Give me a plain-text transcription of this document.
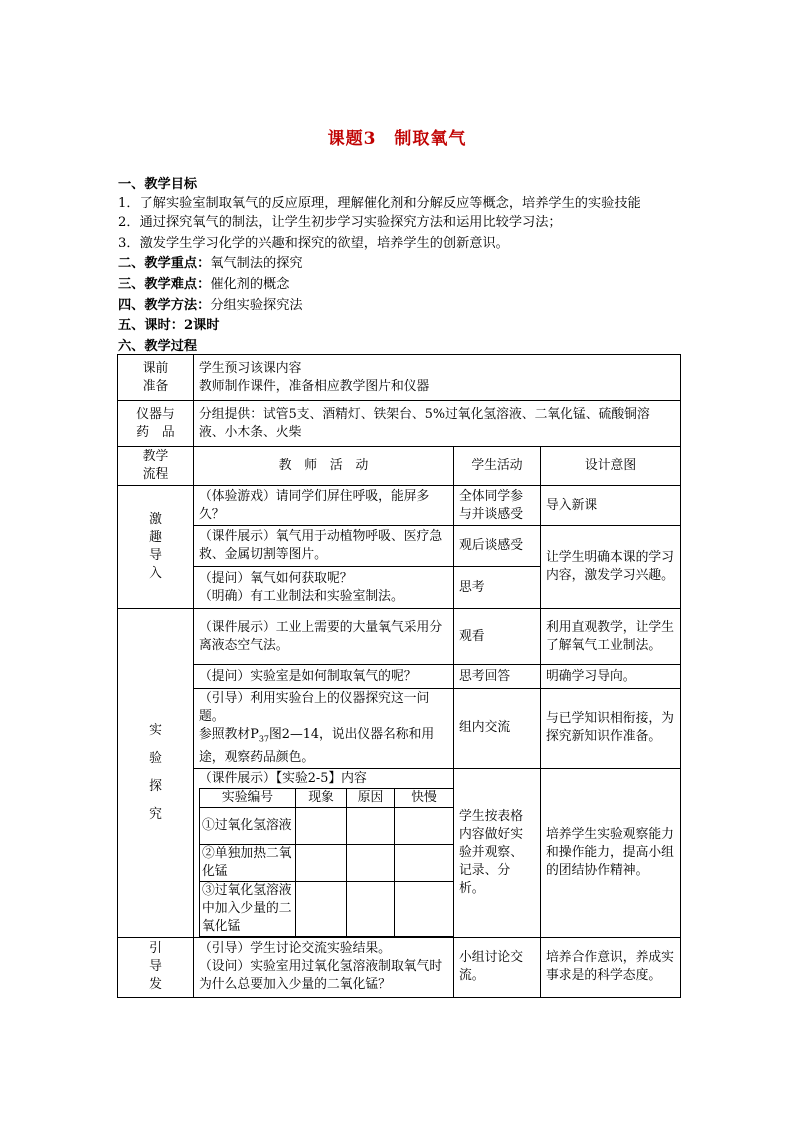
课题3　制取氧气
一、教学目标
1．了解实验室制取氧气的反应原理，理解催化剂和分解反应等概念，培养学生的实验技能
2．通过探究氧气的制法，让学生初步学习实验探究方法和运用比较学习法；
3．激发学生学习化学的兴趣和探究的欲望，培养学生的创新意识。
二、教学重点：氧气制法的探究
三、教学难点：催化剂的概念
四、教学方法：分组实验探究法
五、课时：2课时
六、教学过程
课前
准备

学生预习该课内容
教师制作课件，准备相应教学图片和仪器

仪器与
药　品
	分组提供：试管5支、酒精灯、铁架台、5%过氧化氢溶液、二氧化锰、硫酸铜溶液、小木条、火柴

教学
流程
	教　师　活　动	学生活动	设计意图

激
趣
导
入
	（体验游戏）请同学们屏住呼吸，能屏多久？	全体同学参与并谈感受	导入新课
（课件展示）氧气用于动植物呼吸、医疗急救、金属切割等图片。	观后谈感受	让学生明确本课的学习内容，激发学习兴趣。

（提问）氧气如何获取呢？
（明确）有工业制法和实验室制法。
	思考

实
验
探
究
	（课件展示）工业上需要的大量氧气采用分离液态空气法。	观看	利用直观教学，让学生了解氧气工业制法。
（提问）实验室是如何制取氧气的呢？	思考回答	明确学习导向。

（引导）利用实验台上的仪器探究这一问题。
参照教材$P_{37}$图2—14，说出仪器名称和用途，观察药品颜色。
	组内交流	与已学知识相衔接，为探究新知识作准备。

（课件展示）【实验2-5】内容
实验编号	现象	原因	快慢
①过氧化氢溶液			
②单独加热二氧化锰			
③过氧化氢溶液中加入少量的二氧化锰			
	学生按表格内容做好实验并观察、记录、分析。	培养学生实验观察能力和操作能力，提高小组的团结协作精神。

引
导
发

（引导）学生讨论交流实验结果。
（设问）实验室用过氧化氢溶液制取氧气时为什么总要加入少量的二氧化锰？
	小组讨论交流。	培养合作意识，养成实事求是的科学态度。
